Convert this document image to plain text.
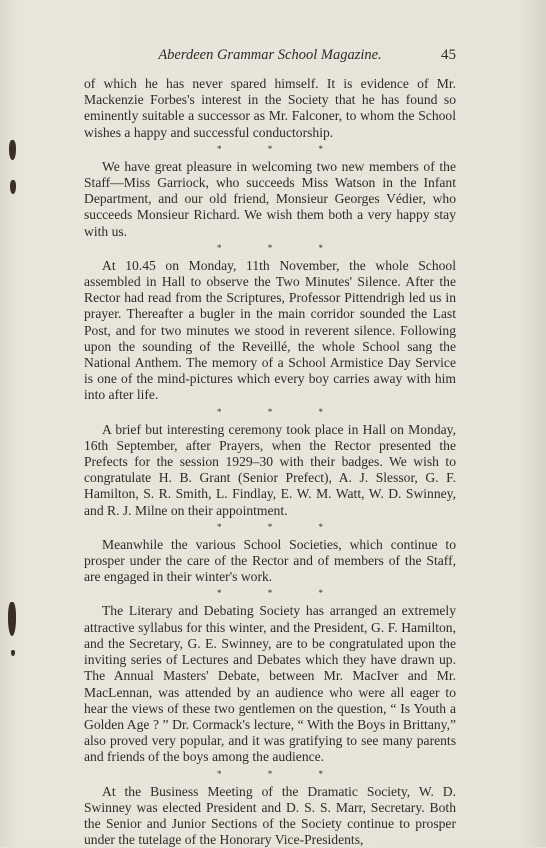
Aberdeen Grammar School Magazine.	45

of which he has never spared himself. It is evidence of Mr. Mackenzie Forbes's interest in the Society that he has found so eminently suitable a successor as Mr. Falconer, to whom the School wishes a happy and successful conductorship.

* * *

We have great pleasure in welcoming two new members of the Staff—Miss Garriock, who succeeds Miss Watson in the Infant Department, and our old friend, Monsieur Georges Védier, who succeeds Monsieur Richard. We wish them both a very happy stay with us.

* * *

At 10.45 on Monday, 11th November, the whole School assembled in Hall to observe the Two Minutes' Silence. After the Rector had read from the Scriptures, Professor Pittendrigh led us in prayer. Thereafter a bugler in the main corridor sounded the Last Post, and for two minutes we stood in reverent silence. Following upon the sounding of the Reveillé, the whole School sang the National Anthem. The memory of a School Armistice Day Service is one of the mind-pictures which every boy carries away with him into after life.

* * *

A brief but interesting ceremony took place in Hall on Monday, 16th September, after Prayers, when the Rector presented the Prefects for the session 1929–30 with their badges. We wish to congratulate H. B. Grant (Senior Prefect), A. J. Slessor, G. F. Hamilton, S. R. Smith, L. Findlay, E. W. M. Watt, W. D. Swinney, and R. J. Milne on their appointment.

* * *

Meanwhile the various School Societies, which continue to prosper under the care of the Rector and of members of the Staff, are engaged in their winter's work.

* * *

The Literary and Debating Society has arranged an extremely attractive syllabus for this winter, and the President, G. F. Hamilton, and the Secretary, G. E. Swinney, are to be congratulated upon the inviting series of Lectures and Debates which they have drawn up. The Annual Masters' Debate, between Mr. MacIver and Mr. MacLennan, was attended by an audience who were all eager to hear the views of these two gentlemen on the question, “ Is Youth a Golden Age ? ” Dr. Cormack's lecture, “ With the Boys in Brittany,” also proved very popular, and it was gratifying to see many parents and friends of the boys among the audience.

* * *

At the Business Meeting of the Dramatic Society, W. D. Swinney was elected President and D. S. S. Marr, Secretary. Both the Senior and Junior Sections of the Society continue to prosper under the tutelage of the Honorary Vice-Presidents,
